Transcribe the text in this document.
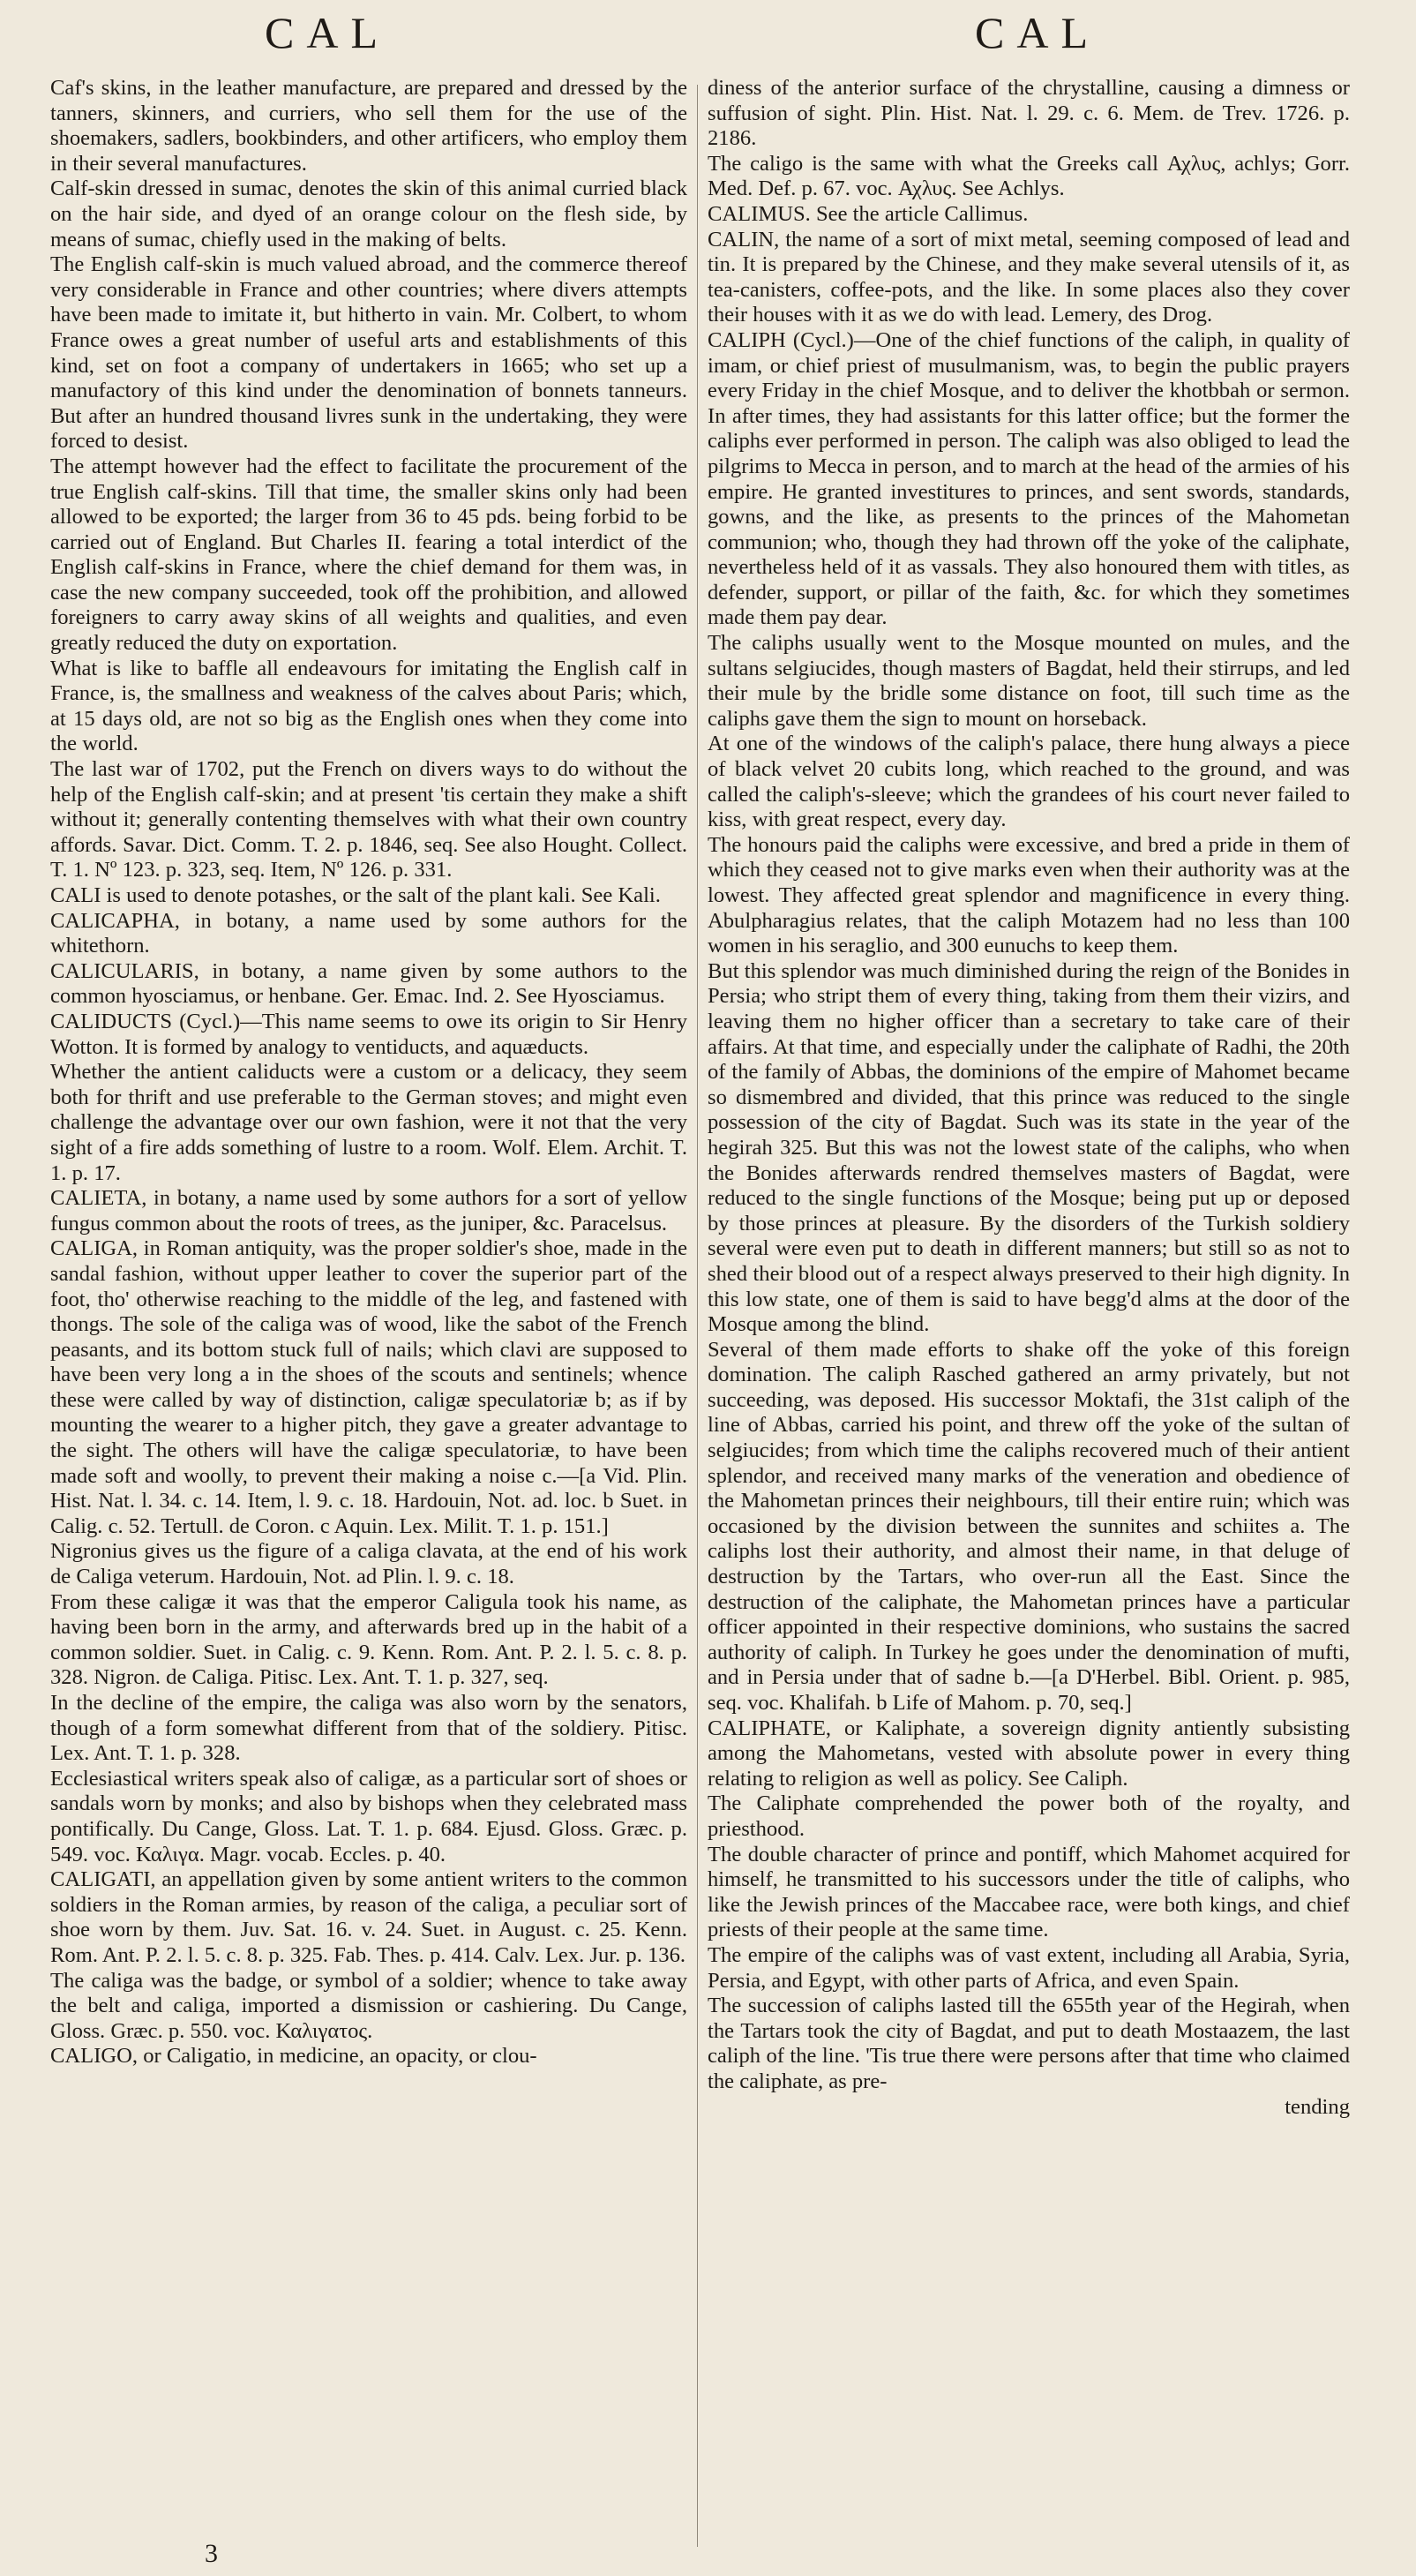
CAL	CAL

Caf's skins, in the leather manufacture, are prepared and dressed by the tanners, skinners, and curriers, who sell them for the use of the shoemakers, sadlers, bookbinders, and other artificers, who employ them in their several manufactures.

Calf-skin dressed in sumac, denotes the skin of this animal curried black on the hair side, and dyed of an orange colour on the flesh side, by means of sumac, chiefly used in the making of belts.

The English calf-skin is much valued abroad, and the commerce thereof very considerable in France and other countries; where divers attempts have been made to imitate it, but hitherto in vain. Mr. Colbert, to whom France owes a great number of useful arts and establishments of this kind, set on foot a company of undertakers in 1665; who set up a manufactory of this kind under the denomination of bonnets tanneurs. But after an hundred thousand livres sunk in the undertaking, they were forced to desist.

The attempt however had the effect to facilitate the procurement of the true English calf-skins. Till that time, the smaller skins only had been allowed to be exported; the larger from 36 to 45 pds. being forbid to be carried out of England. But Charles II. fearing a total interdict of the English calf-skins in France, where the chief demand for them was, in case the new company succeeded, took off the prohibition, and allowed foreigners to carry away skins of all weights and qualities, and even greatly reduced the duty on exportation.

What is like to baffle all endeavours for imitating the English calf in France, is, the smallness and weakness of the calves about Paris; which, at 15 days old, are not so big as the English ones when they come into the world.

The last war of 1702, put the French on divers ways to do without the help of the English calf-skin; and at present 'tis certain they make a shift without it; generally contenting themselves with what their own country affords. Savar. Dict. Comm. T. 2. p. 1846, seq. See also Hought. Collect. T. 1. Nº 123. p. 323, seq. Item, Nº 126. p. 331.

CALI is used to denote potashes, or the salt of the plant kali. See Kali.

CALICAPHA, in botany, a name used by some authors for the whitethorn.

CALICULARIS, in botany, a name given by some authors to the common hyosciamus, or henbane. Ger. Emac. Ind. 2. See Hyosciamus.

CALIDUCTS (Cycl.)—This name seems to owe its origin to Sir Henry Wotton. It is formed by analogy to ventiducts, and aquæducts.

Whether the antient caliducts were a custom or a delicacy, they seem both for thrift and use preferable to the German stoves; and might even challenge the advantage over our own fashion, were it not that the very sight of a fire adds something of lustre to a room. Wolf. Elem. Archit. T. 1. p. 17.

CALIETA, in botany, a name used by some authors for a sort of yellow fungus common about the roots of trees, as the juniper, &c. Paracelsus.

CALIGA, in Roman antiquity, was the proper soldier's shoe, made in the sandal fashion, without upper leather to cover the superior part of the foot, tho' otherwise reaching to the middle of the leg, and fastened with thongs. The sole of the caliga was of wood, like the sabot of the French peasants, and its bottom stuck full of nails; which clavi are supposed to have been very long a in the shoes of the scouts and sentinels; whence these were called by way of distinction, caligæ speculatoriæ b; as if by mounting the wearer to a higher pitch, they gave a greater advantage to the sight. The others will have the caligæ speculatoriæ, to have been made soft and woolly, to prevent their making a noise c.—[a Vid. Plin. Hist. Nat. l. 34. c. 14. Item, l. 9. c. 18. Hardouin, Not. ad. loc. b Suet. in Calig. c. 52. Tertull. de Coron. c Aquin. Lex. Milit. T. 1. p. 151.]

Nigronius gives us the figure of a caliga clavata, at the end of his work de Caliga veterum. Hardouin, Not. ad Plin. l. 9. c. 18.

From these caligæ it was that the emperor Caligula took his name, as having been born in the army, and afterwards bred up in the habit of a common soldier. Suet. in Calig. c. 9. Kenn. Rom. Ant. P. 2. l. 5. c. 8. p. 328. Nigron. de Caliga. Pitisc. Lex. Ant. T. 1. p. 327, seq.

In the decline of the empire, the caliga was also worn by the senators, though of a form somewhat different from that of the soldiery. Pitisc. Lex. Ant. T. 1. p. 328.

Ecclesiastical writers speak also of caligæ, as a particular sort of shoes or sandals worn by monks; and also by bishops when they celebrated mass pontifically. Du Cange, Gloss. Lat. T. 1. p. 684. Ejusd. Gloss. Græc. p. 549. voc. Καλιγα. Magr. vocab. Eccles. p. 40.

CALIGATI, an appellation given by some antient writers to the common soldiers in the Roman armies, by reason of the caliga, a peculiar sort of shoe worn by them. Juv. Sat. 16. v. 24. Suet. in August. c. 25. Kenn. Rom. Ant. P. 2. l. 5. c. 8. p. 325. Fab. Thes. p. 414. Calv. Lex. Jur. p. 136.

The caliga was the badge, or symbol of a soldier; whence to take away the belt and caliga, imported a dismission or cashiering. Du Cange, Gloss. Græc. p. 550. voc. Καλιγατος.

CALIGO, or Caligatio, in medicine, an opacity, or clou-

diness of the anterior surface of the chrystalline, causing a dimness or suffusion of sight. Plin. Hist. Nat. l. 29. c. 6. Mem. de Trev. 1726. p. 2186.

The caligo is the same with what the Greeks call Αχλυς, achlys; Gorr. Med. Def. p. 67. voc. Αχλυς. See Achlys.

CALIMUS. See the article Callimus.

CALIN, the name of a sort of mixt metal, seeming composed of lead and tin. It is prepared by the Chinese, and they make several utensils of it, as tea-canisters, coffee-pots, and the like. In some places also they cover their houses with it as we do with lead. Lemery, des Drog.

CALIPH (Cycl.)—One of the chief functions of the caliph, in quality of imam, or chief priest of musulmanism, was, to begin the public prayers every Friday in the chief Mosque, and to deliver the khotbbah or sermon. In after times, they had assistants for this latter office; but the former the caliphs ever performed in person. The caliph was also obliged to lead the pilgrims to Mecca in person, and to march at the head of the armies of his empire. He granted investitures to princes, and sent swords, standards, gowns, and the like, as presents to the princes of the Mahometan communion; who, though they had thrown off the yoke of the caliphate, nevertheless held of it as vassals. They also honoured them with titles, as defender, support, or pillar of the faith, &c. for which they sometimes made them pay dear.

The caliphs usually went to the Mosque mounted on mules, and the sultans selgiucides, though masters of Bagdat, held their stirrups, and led their mule by the bridle some distance on foot, till such time as the caliphs gave them the sign to mount on horseback.

At one of the windows of the caliph's palace, there hung always a piece of black velvet 20 cubits long, which reached to the ground, and was called the caliph's-sleeve; which the grandees of his court never failed to kiss, with great respect, every day.

The honours paid the caliphs were excessive, and bred a pride in them of which they ceased not to give marks even when their authority was at the lowest. They affected great splendor and magnificence in every thing. Abulpharagius relates, that the caliph Motazem had no less than 100 women in his seraglio, and 300 eunuchs to keep them.

But this splendor was much diminished during the reign of the Bonides in Persia; who stript them of every thing, taking from them their vizirs, and leaving them no higher officer than a secretary to take care of their affairs. At that time, and especially under the caliphate of Radhi, the 20th of the family of Abbas, the dominions of the empire of Mahomet became so dismembred and divided, that this prince was reduced to the single possession of the city of Bagdat. Such was its state in the year of the hegirah 325. But this was not the lowest state of the caliphs, who when the Bonides afterwards rendred themselves masters of Bagdat, were reduced to the single functions of the Mosque; being put up or deposed by those princes at pleasure. By the disorders of the Turkish soldiery several were even put to death in different manners; but still so as not to shed their blood out of a respect always preserved to their high dignity. In this low state, one of them is said to have begg'd alms at the door of the Mosque among the blind.

Several of them made efforts to shake off the yoke of this foreign domination. The caliph Rasched gathered an army privately, but not succeeding, was deposed. His successor Moktafi, the 31st caliph of the line of Abbas, carried his point, and threw off the yoke of the sultan of selgiucides; from which time the caliphs recovered much of their antient splendor, and received many marks of the veneration and obedience of the Mahometan princes their neighbours, till their entire ruin; which was occasioned by the division between the sunnites and schiites a. The caliphs lost their authority, and almost their name, in that deluge of destruction by the Tartars, who over-run all the East. Since the destruction of the caliphate, the Mahometan princes have a particular officer appointed in their respective dominions, who sustains the sacred authority of caliph. In Turkey he goes under the denomination of mufti, and in Persia under that of sadne b.—[a D'Herbel. Bibl. Orient. p. 985, seq. voc. Khalifah. b Life of Mahom. p. 70, seq.]

CALIPHATE, or Kaliphate, a sovereign dignity antiently subsisting among the Mahometans, vested with absolute power in every thing relating to religion as well as policy. See Caliph.

The Caliphate comprehended the power both of the royalty, and priesthood.

The double character of prince and pontiff, which Mahomet acquired for himself, he transmitted to his successors under the title of caliphs, who like the Jewish princes of the Maccabee race, were both kings, and chief priests of their people at the same time.

The empire of the caliphs was of vast extent, including all Arabia, Syria, Persia, and Egypt, with other parts of Africa, and even Spain.

The succession of caliphs lasted till the 655th year of the Hegirah, when the Tartars took the city of Bagdat, and put to death Mostaazem, the last caliph of the line. 'Tis true there were persons after that time who claimed the caliphate, as pre-

tending

3
